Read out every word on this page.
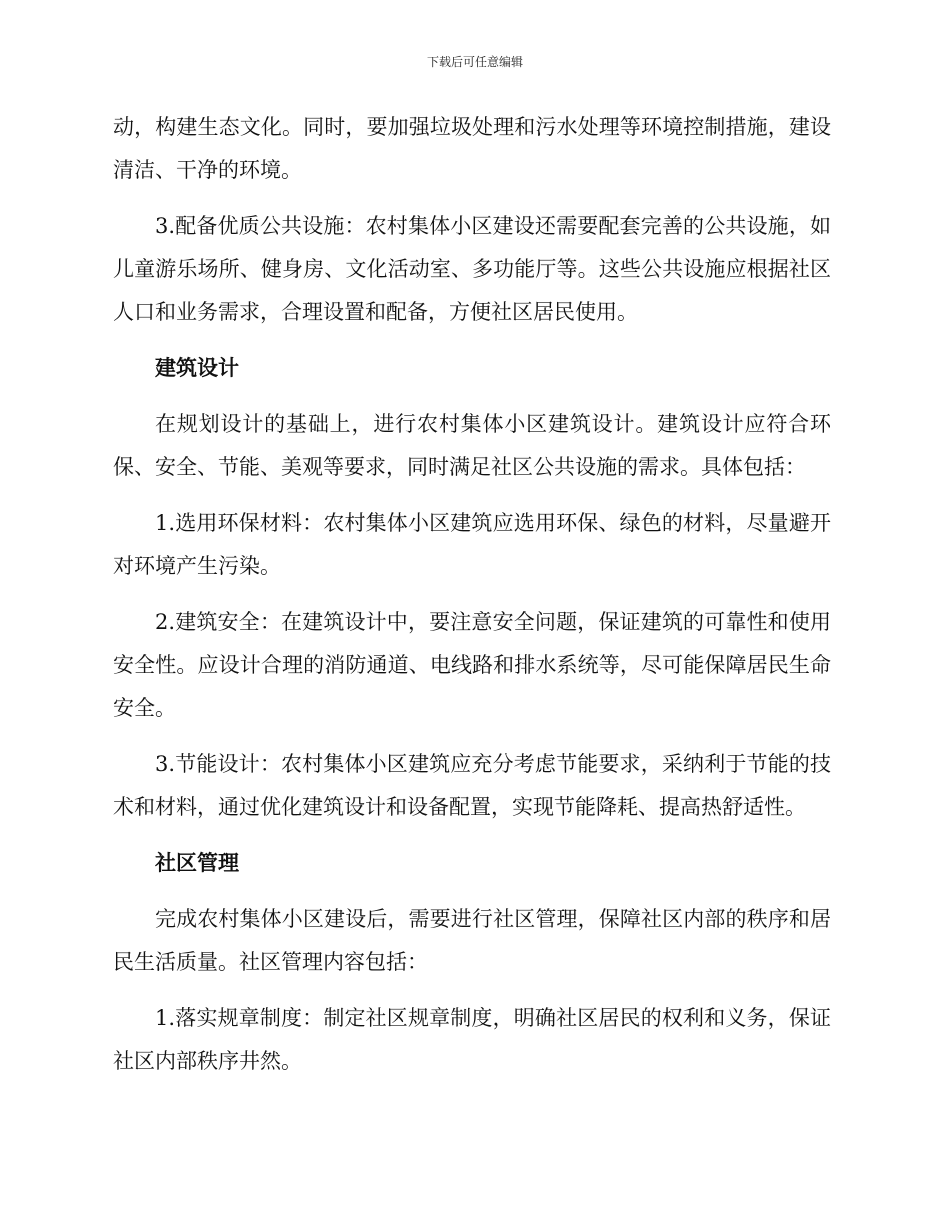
下载后可任意编辑

动，构建生态文化。同时，要加强垃圾处理和污水处理等环境控制措施，建设清洁、干净的环境。

3.配备优质公共设施：农村集体小区建设还需要配套完善的公共设施，如儿童游乐场所、健身房、文化活动室、多功能厅等。这些公共设施应根据社区人口和业务需求，合理设置和配备，方便社区居民使用。

建筑设计

在规划设计的基础上，进行农村集体小区建筑设计。建筑设计应符合环保、安全、节能、美观等要求，同时满足社区公共设施的需求。具体包括：

1.选用环保材料：农村集体小区建筑应选用环保、绿色的材料，尽量避开对环境产生污染。

2.建筑安全：在建筑设计中，要注意安全问题，保证建筑的可靠性和使用安全性。应设计合理的消防通道、电线路和排水系统等，尽可能保障居民生命安全。

3.节能设计：农村集体小区建筑应充分考虑节能要求，采纳利于节能的技术和材料，通过优化建筑设计和设备配置，实现节能降耗、提高热舒适性。

社区管理

完成农村集体小区建设后，需要进行社区管理，保障社区内部的秩序和居民生活质量。社区管理内容包括：

1.落实规章制度：制定社区规章制度，明确社区居民的权利和义务，保证社区内部秩序井然。
